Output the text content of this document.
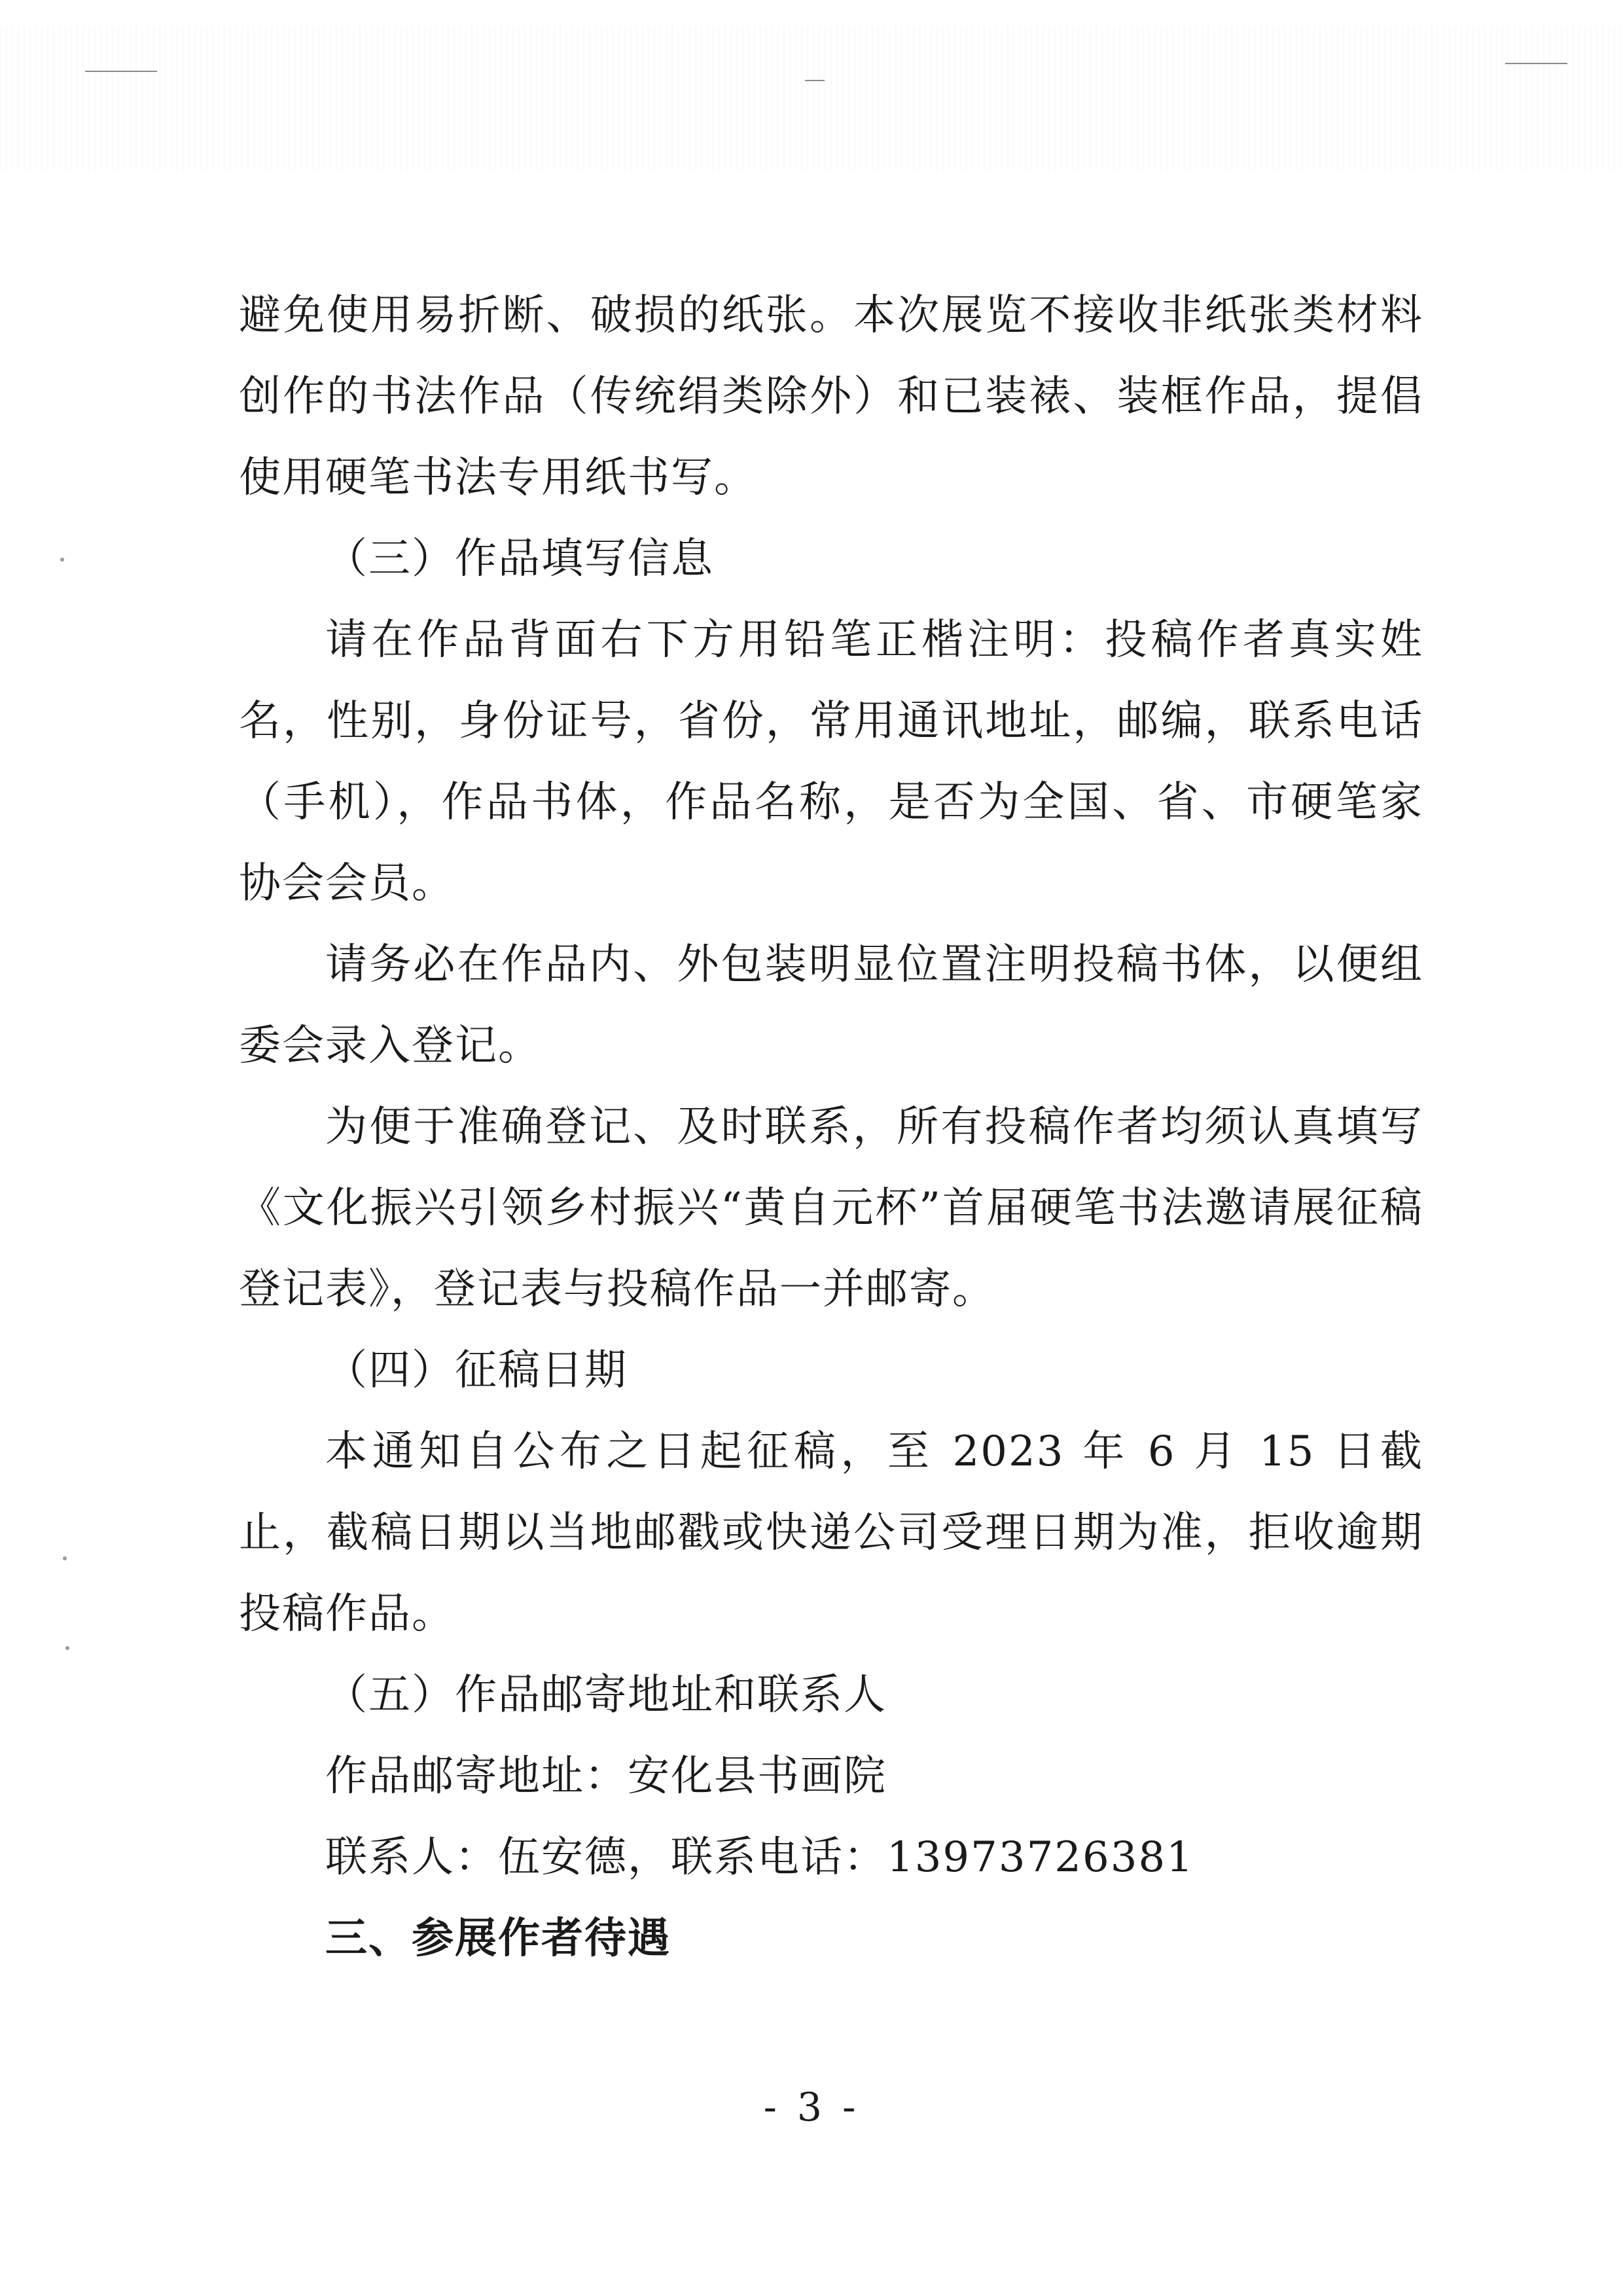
避免使用易折断、破损的纸张。本次展览不接收非纸张类材料创作的书法作品（传统绢类除外）和已装裱、装框作品，提倡使用硬笔书法专用纸书写。

（三）作品填写信息

请在作品背面右下方用铅笔正楷注明：投稿作者真实姓名，性别，身份证号，省份，常用通讯地址，邮编，联系电话（手机），作品书体，作品名称，是否为全国、省、市硬笔家协会会员。

请务必在作品内、外包装明显位置注明投稿书体，以便组委会录入登记。

为便于准确登记、及时联系，所有投稿作者均须认真填写《文化振兴引领乡村振兴“黄自元杯”首届硬笔书法邀请展征稿登记表》，登记表与投稿作品一并邮寄。

（四）征稿日期

本通知自公布之日起征稿，至 2023 年 6 月 15 日截止，截稿日期以当地邮戳或快递公司受理日期为准，拒收逾期投稿作品。

（五）作品邮寄地址和联系人

作品邮寄地址：安化县书画院

联系人：伍安德，联系电话：13973726381

三、参展作者待遇

- 3 -
